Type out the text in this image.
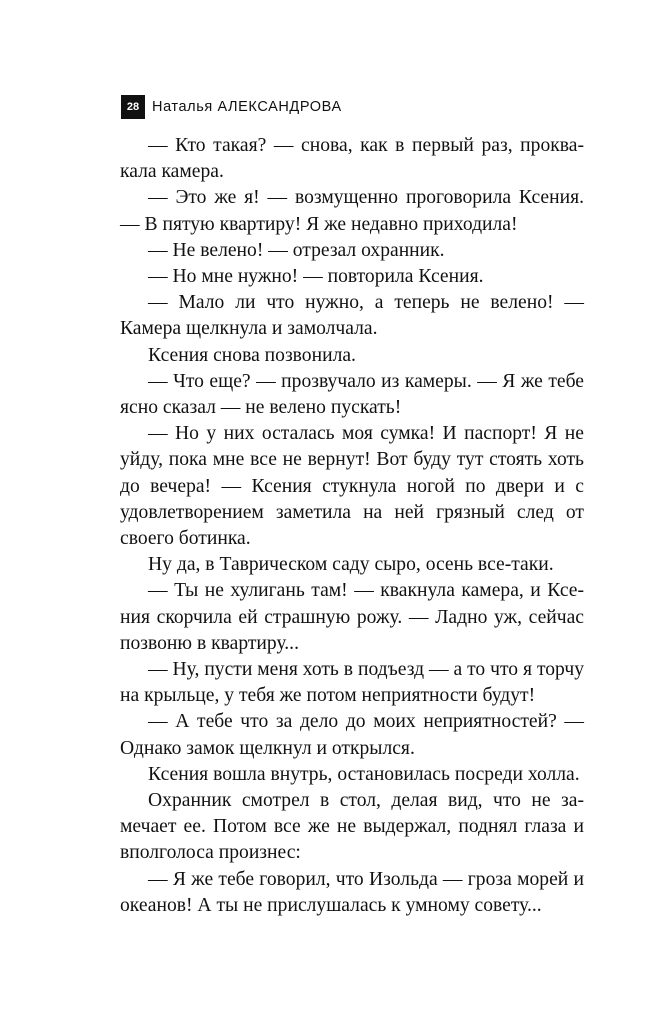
28 Наталья АЛЕКСАНДРОВА

— Кто такая? — снова, как в первый раз, проквакала камера.

— Это же я! — возмущенно проговорила Ксения. — В пятую квартиру! Я же недавно приходила!

— Не велено! — отрезал охранник.

— Но мне нужно! — повторила Ксения.

— Мало ли что нужно, а теперь не велено! — Камера щелкнула и замолчала.

Ксения снова позвонила.

— Что еще? — прозвучало из камеры. — Я же тебе ясно сказал — не велено пускать!

— Но у них осталась моя сумка! И паспорт! Я не уйду, пока мне все не вернут! Вот буду тут стоять хоть до вечера! — Ксения стукнула ногой по двери и с удовлетворением заметила на ней грязный след от своего ботинка.

Ну да, в Таврическом саду сыро, осень все-таки.

— Ты не хулигань там! — квакнула камера, и Ксения скорчила ей страшную рожу. — Ладно уж, сейчас позвоню в квартиру...

— Ну, пусти меня хоть в подъезд — а то что я торчу на крыльце, у тебя же потом неприятности будут!

— А тебе что за дело до моих неприятностей? — Однако замок щелкнул и открылся.

Ксения вошла внутрь, остановилась посреди холла.

Охранник смотрел в стол, делая вид, что не замечает ее. Потом все же не выдержал, поднял глаза и вполголоса произнес:

— Я же тебе говорил, что Изольда — гроза морей и океанов! А ты не прислушалась к умному совету...
